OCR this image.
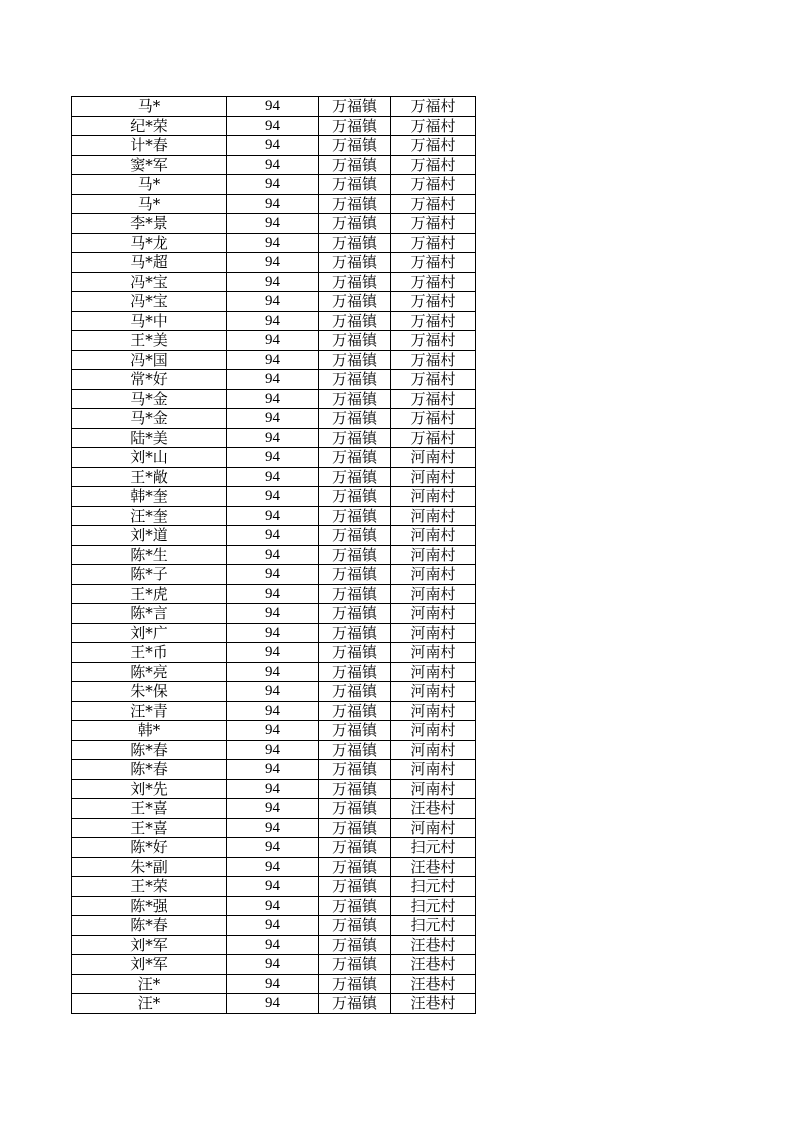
马*	94	万福镇	万福村
纪*荣	94	万福镇	万福村
计*春	94	万福镇	万福村
窦*军	94	万福镇	万福村
马*	94	万福镇	万福村
马*	94	万福镇	万福村
李*景	94	万福镇	万福村
马*龙	94	万福镇	万福村
马*超	94	万福镇	万福村
冯*宝	94	万福镇	万福村
冯*宝	94	万福镇	万福村
马*中	94	万福镇	万福村
王*美	94	万福镇	万福村
冯*国	94	万福镇	万福村
常*好	94	万福镇	万福村
马*金	94	万福镇	万福村
马*金	94	万福镇	万福村
陆*美	94	万福镇	万福村
刘*山	94	万福镇	河南村
王*敞	94	万福镇	河南村
韩*奎	94	万福镇	河南村
汪*奎	94	万福镇	河南村
刘*道	94	万福镇	河南村
陈*生	94	万福镇	河南村
陈*子	94	万福镇	河南村
王*虎	94	万福镇	河南村
陈*言	94	万福镇	河南村
刘*广	94	万福镇	河南村
王*币	94	万福镇	河南村
陈*亮	94	万福镇	河南村
朱*保	94	万福镇	河南村
汪*青	94	万福镇	河南村
韩*	94	万福镇	河南村
陈*春	94	万福镇	河南村
陈*春	94	万福镇	河南村
刘*先	94	万福镇	河南村
王*喜	94	万福镇	汪巷村
王*喜	94	万福镇	河南村
陈*好	94	万福镇	扫元村
朱*副	94	万福镇	汪巷村
王*荣	94	万福镇	扫元村
陈*强	94	万福镇	扫元村
陈*春	94	万福镇	扫元村
刘*军	94	万福镇	汪巷村
刘*军	94	万福镇	汪巷村
汪*	94	万福镇	汪巷村
汪*	94	万福镇	汪巷村
